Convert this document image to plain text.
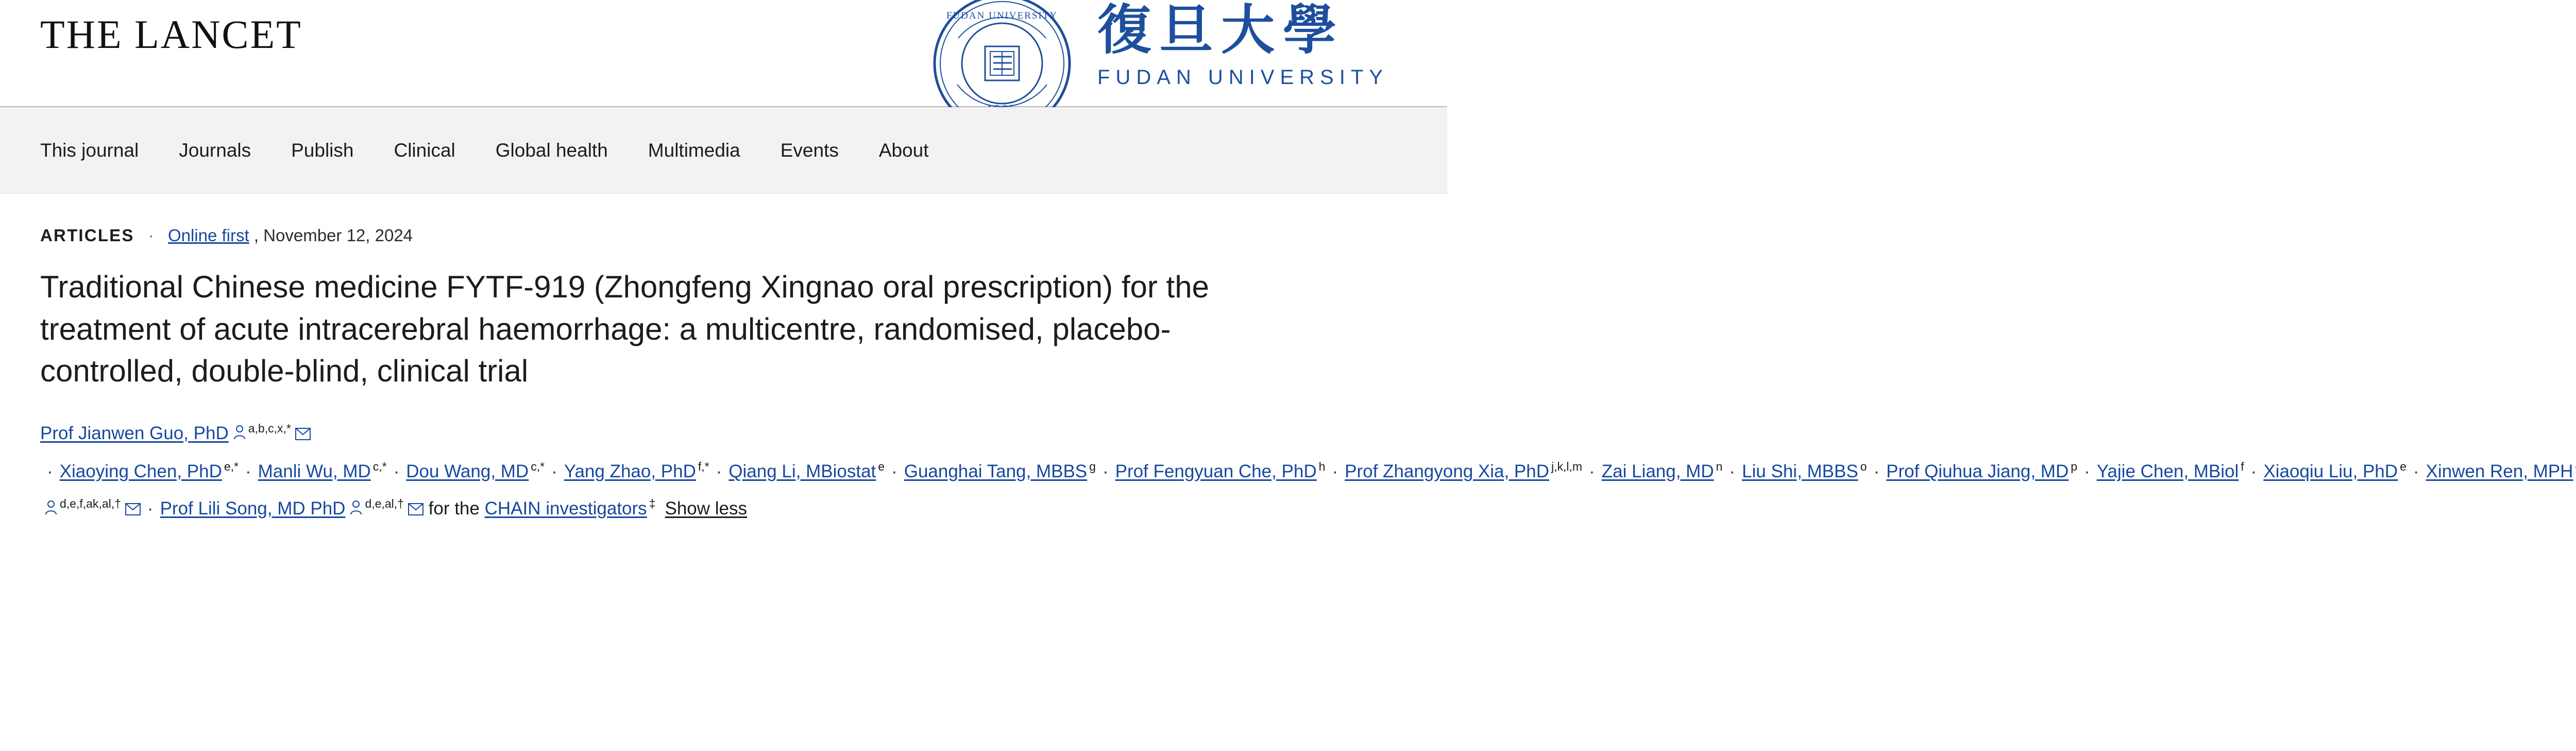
THE LANCET	FUDAN UNIVERSITY 復旦大學
FUDAN UNIVERSITY
This journal Journals Publish Clinical Global health Multimedia Events About
ARTICLES · Online first , November 12, 2024
Traditional Chinese medicine FYTF-919 (Zhongfeng Xingnao oral prescription) for the treatment of acute intracerebral haemorrhage: a multicentre, randomised, placebo-controlled, double-blind, clinical trial
Prof Jianwen Guo, PhD $^{a,b,c,x,*}$· Xiaoying Chen, PhD $^{e,*}$ · Manli Wu, MD $^{c,*}$ · Dou Wang, MD $^{c,*}$ · Yang Zhao, PhD $^{f,*}$ · Qiang Li, MBiostat $^e$ · Guanghai Tang, MBBS $^g$ · Prof Fengyuan Che, PhD $^h$ · Prof Zhangyong Xia, PhD $^{j,k,l,m}$ · Zai Liang, MD $^n$ · Liu Shi, MBBS $^o$ · Prof Qiuhua Jiang, MD $^p$ · Yajie Chen, MBiol $^f$ · Xiaoqiu Liu, PhD $^e$ · Xinwen Ren, $MPH^{d,e,f,ak,al,\dagger}$ · Prof Lili Song, MD PhD $^{d,e,al,\dagger}$ for the CHAIN investigators ‡ Show less
